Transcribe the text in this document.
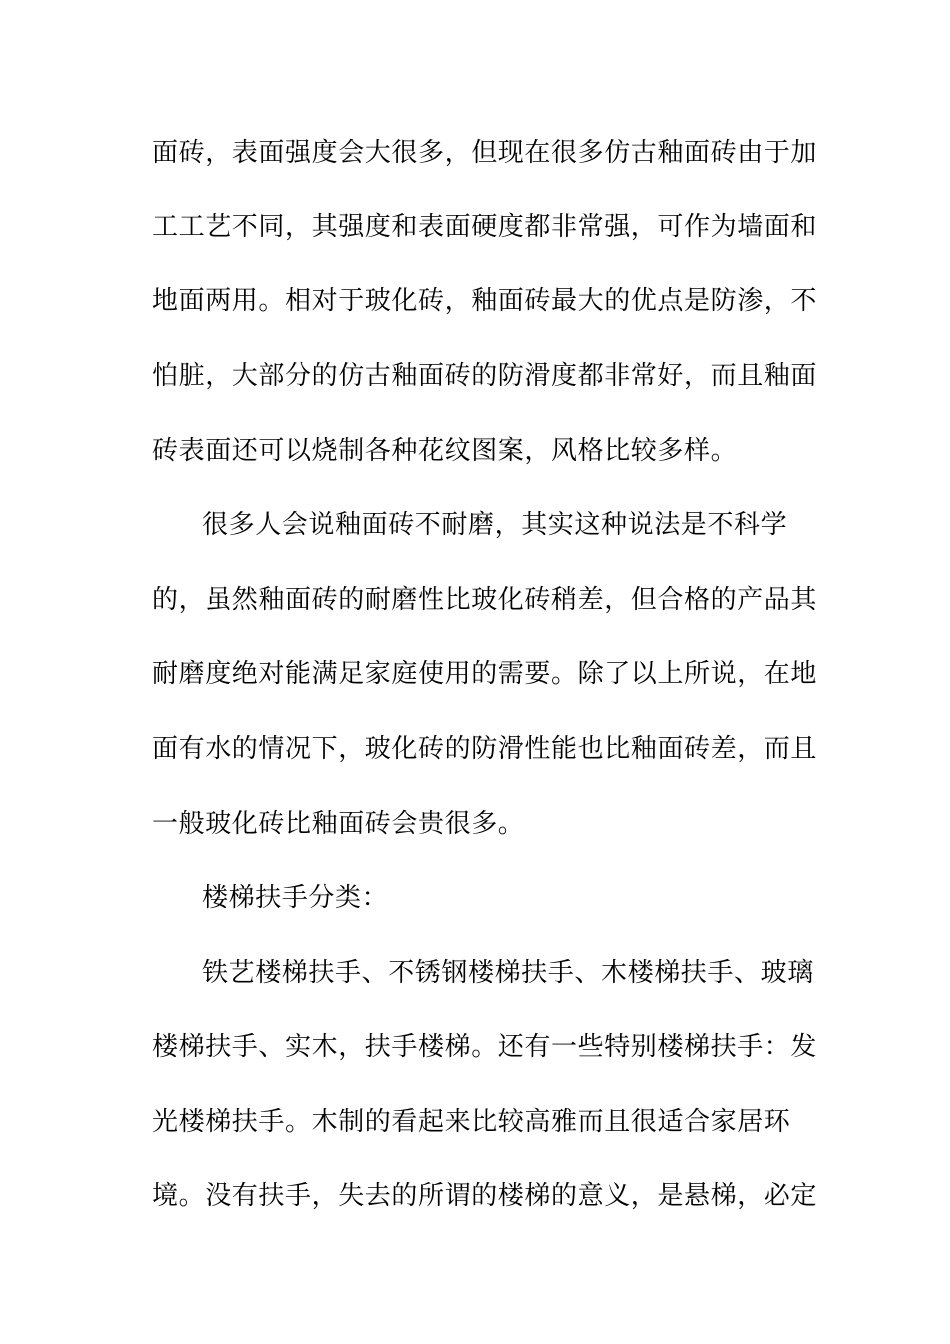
面砖，表面强度会大很多，但现在很多仿古釉面砖由于加
工工艺不同，其强度和表面硬度都非常强，可作为墙面和
地面两用。相对于玻化砖，釉面砖最大的优点是防渗，不
怕脏，大部分的仿古釉面砖的防滑度都非常好，而且釉面
砖表面还可以烧制各种花纹图案，风格比较多样。
很多人会说釉面砖不耐磨，其实这种说法是不科学
的，虽然釉面砖的耐磨性比玻化砖稍差，但合格的产品其
耐磨度绝对能满足家庭使用的需要。除了以上所说，在地
面有水的情况下，玻化砖的防滑性能也比釉面砖差，而且
一般玻化砖比釉面砖会贵很多。
楼梯扶手分类：
铁艺楼梯扶手、不锈钢楼梯扶手、木楼梯扶手、玻璃
楼梯扶手、实木，扶手楼梯。还有一些特别楼梯扶手：发
光楼梯扶手。木制的看起来比较高雅而且很适合家居环
境。没有扶手，失去的所谓的楼梯的意义，是悬梯，必定
